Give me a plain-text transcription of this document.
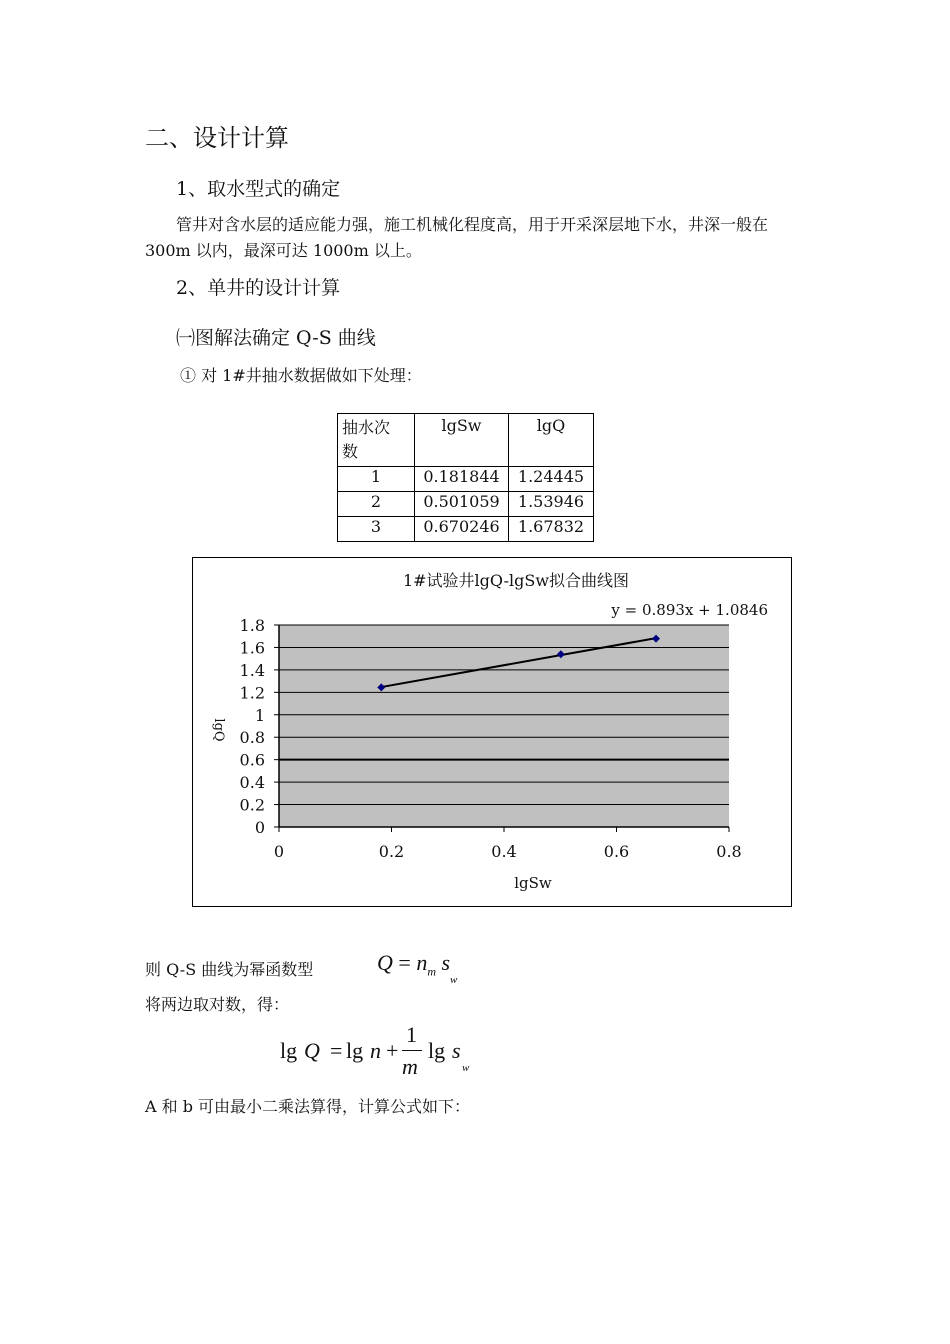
二、设计计算
1、取水型式的确定
管井对含水层的适应能力强，施工机械化程度高，用于开采深层地下水，井深一般在
300m 以内，最深可达 1000m 以上。
2、单井的设计计算
㈠图解法确定 Q-S 曲线
① 对 1#井抽水数据做如下处理：
抽水次
数	lgSw	lgQ
1	0.181844	1.24445
2	0.501059	1.53946
3	0.670246	1.67832
1#试验井lgQ-lgSw拟合曲线图
y = 0.893x + 1.0846
lgSw
lgQ
0
0.2
0.4
0.6
0.8
1
1.2
1.4
1.6
1.8
0	0.2	0.4	0.6	0.8
则 Q-S 曲线为幂函数型	$Q = n_m$ $s_w$
将两边取对数，得：
lg Q = lg n +
1
m
lg s
w
A 和 b 可由最小二乘法算得，计算公式如下：
